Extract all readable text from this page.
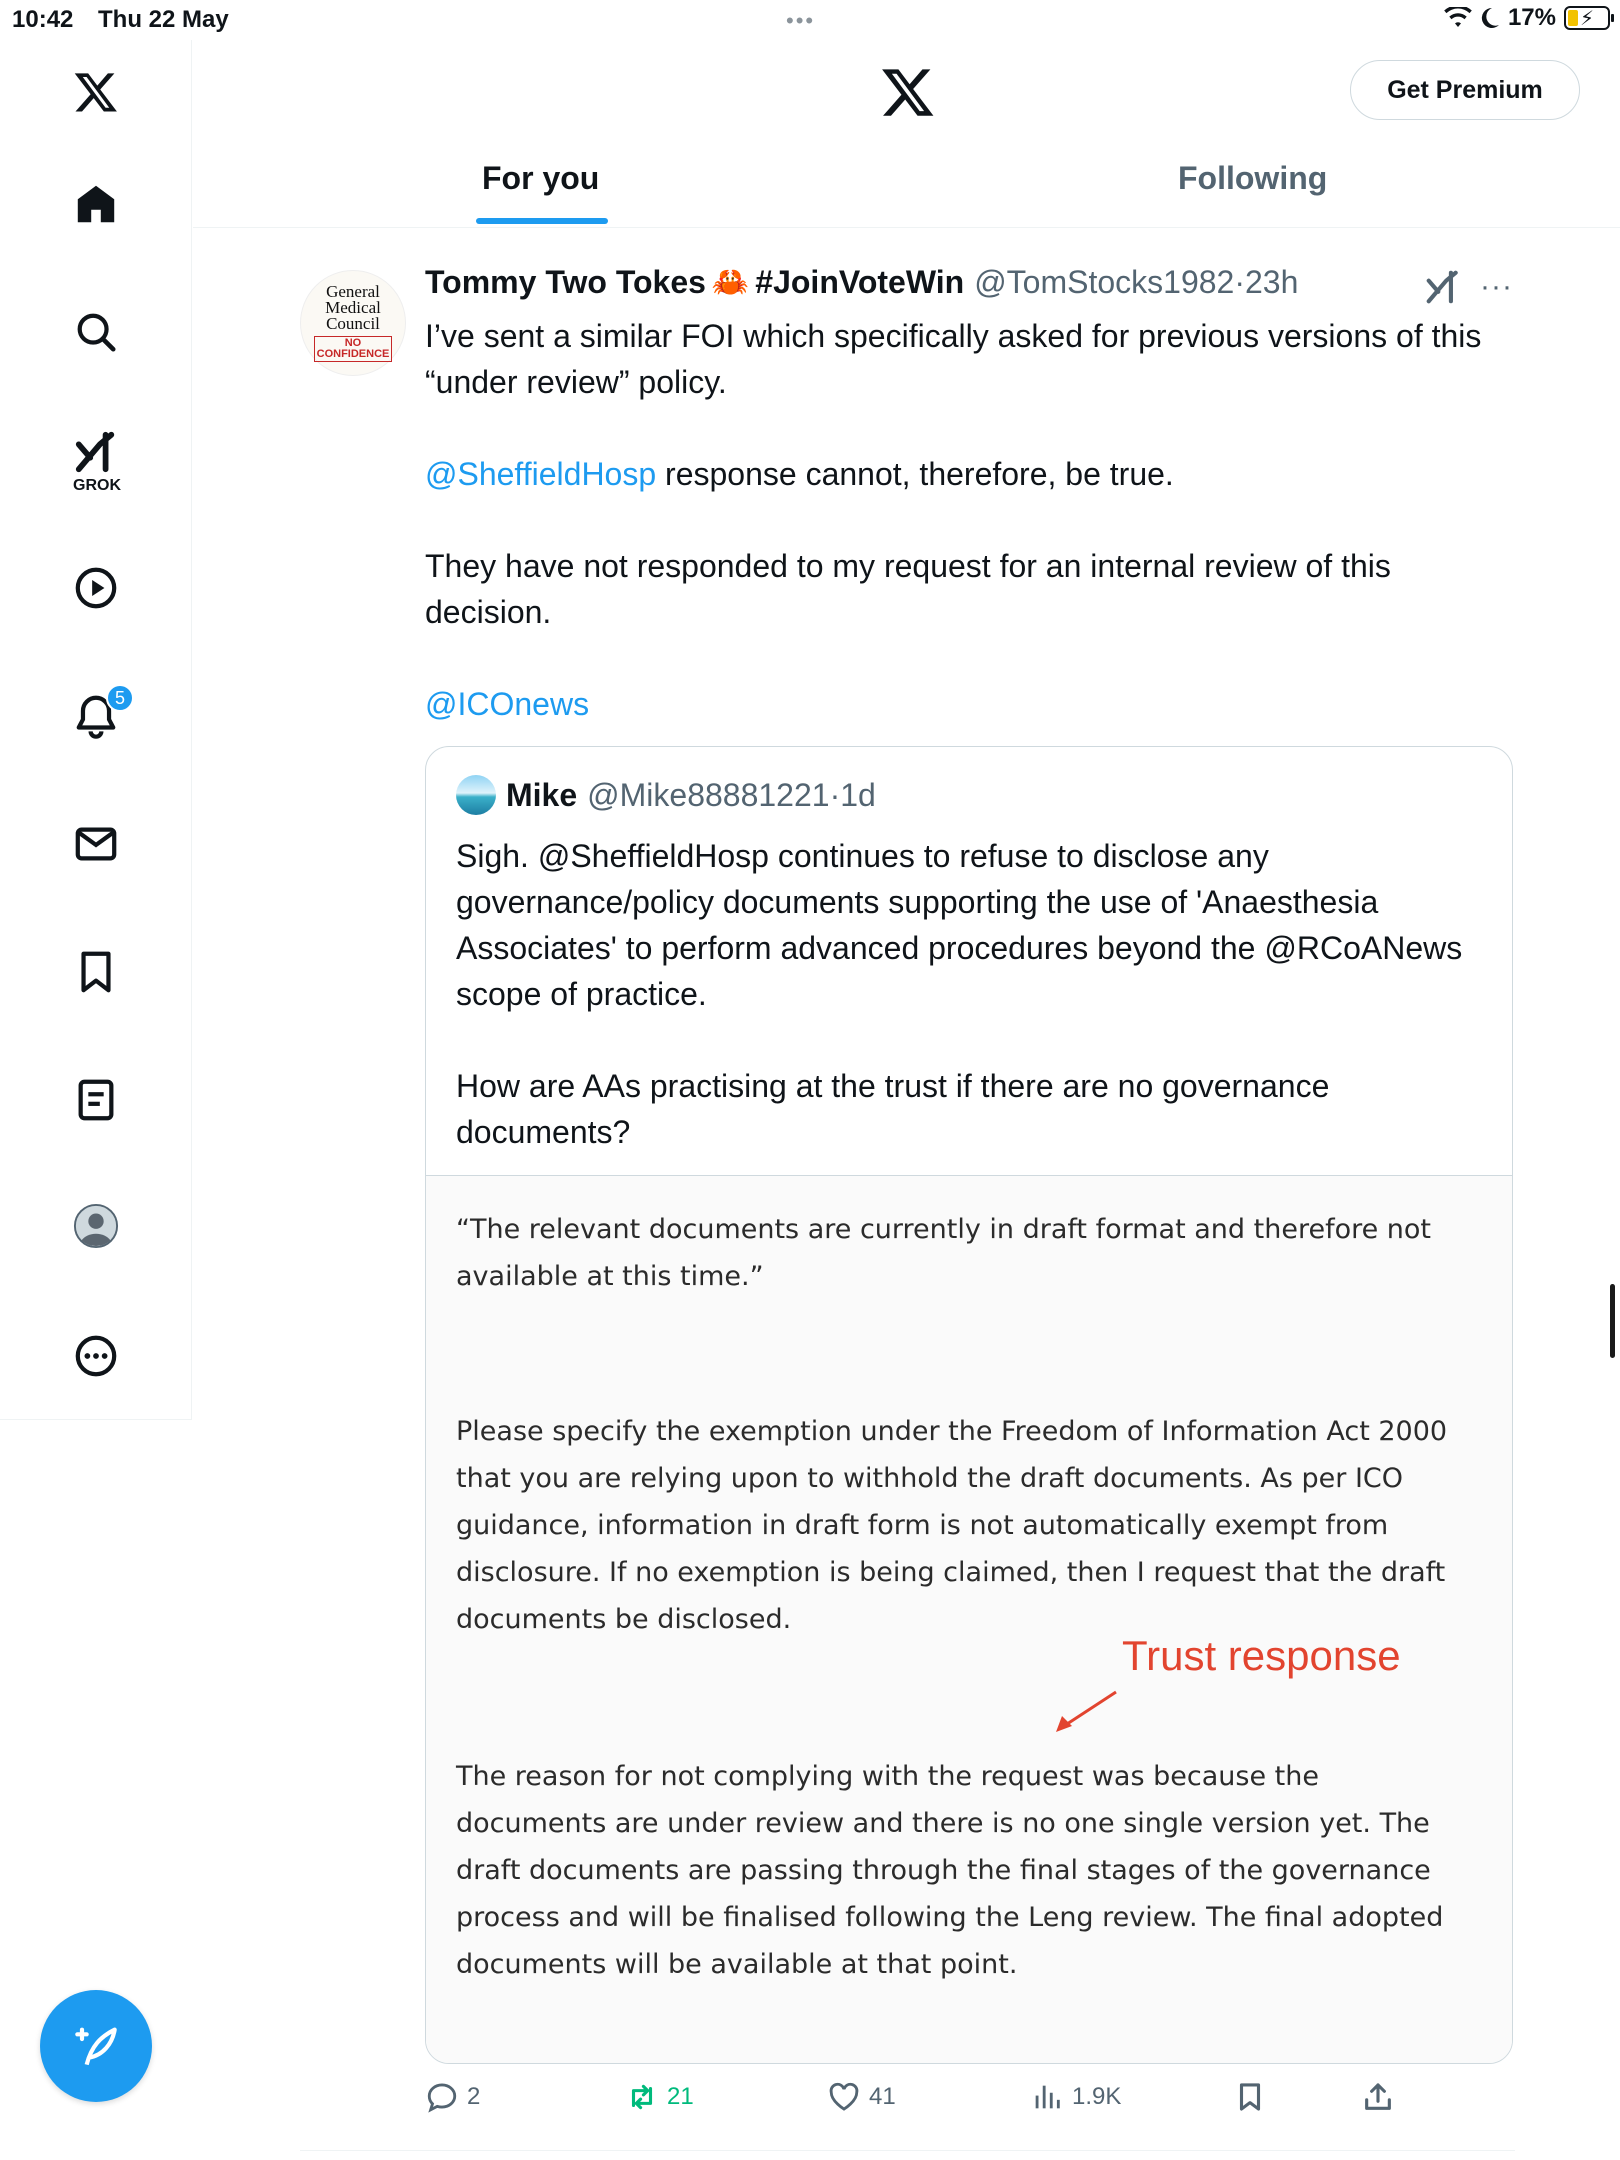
10:42 Thu 22 May	•••	17% ⚡
GROK
5
Get Premium
For you	Following
General
Medical
Council
NO
CONFIDENCE
Tommy Two Tokes 🦀 #JoinVoteWin @TomStocks1982·23h	···

I’ve sent a similar FOI which specifically asked for previous versions of this “under review” policy.

@SheffieldHosp response cannot, therefore, be true.

They have not responded to my request for an internal review of this decision.

@ICOnews

Mike @Mike88881221·1d

Sigh. @SheffieldHosp continues to refuse to disclose any governance/policy documents supporting the use of 'Anaesthesia Associates' to perform advanced procedures beyond the @RCoANews scope of practice.

How are AAs practising at the trust if there are no governance documents?

“The relevant documents are currently in draft format and therefore not available at this time.”

Please specify the exemption under the Freedom of Information Act 2000 that you are relying upon to withhold the draft documents. As per ICO guidance, information in draft form is not automatically exempt from disclosure. If no exemption is being claimed, then I request that the draft documents be disclosed.

Trust response

The reason for not complying with the request was because the documents are under review and there is no one single version yet. The draft documents are passing through the final stages of the governance process and will be finalised following the Leng review. The final adopted documents will be available at that point.

2	21	41	1.9K
